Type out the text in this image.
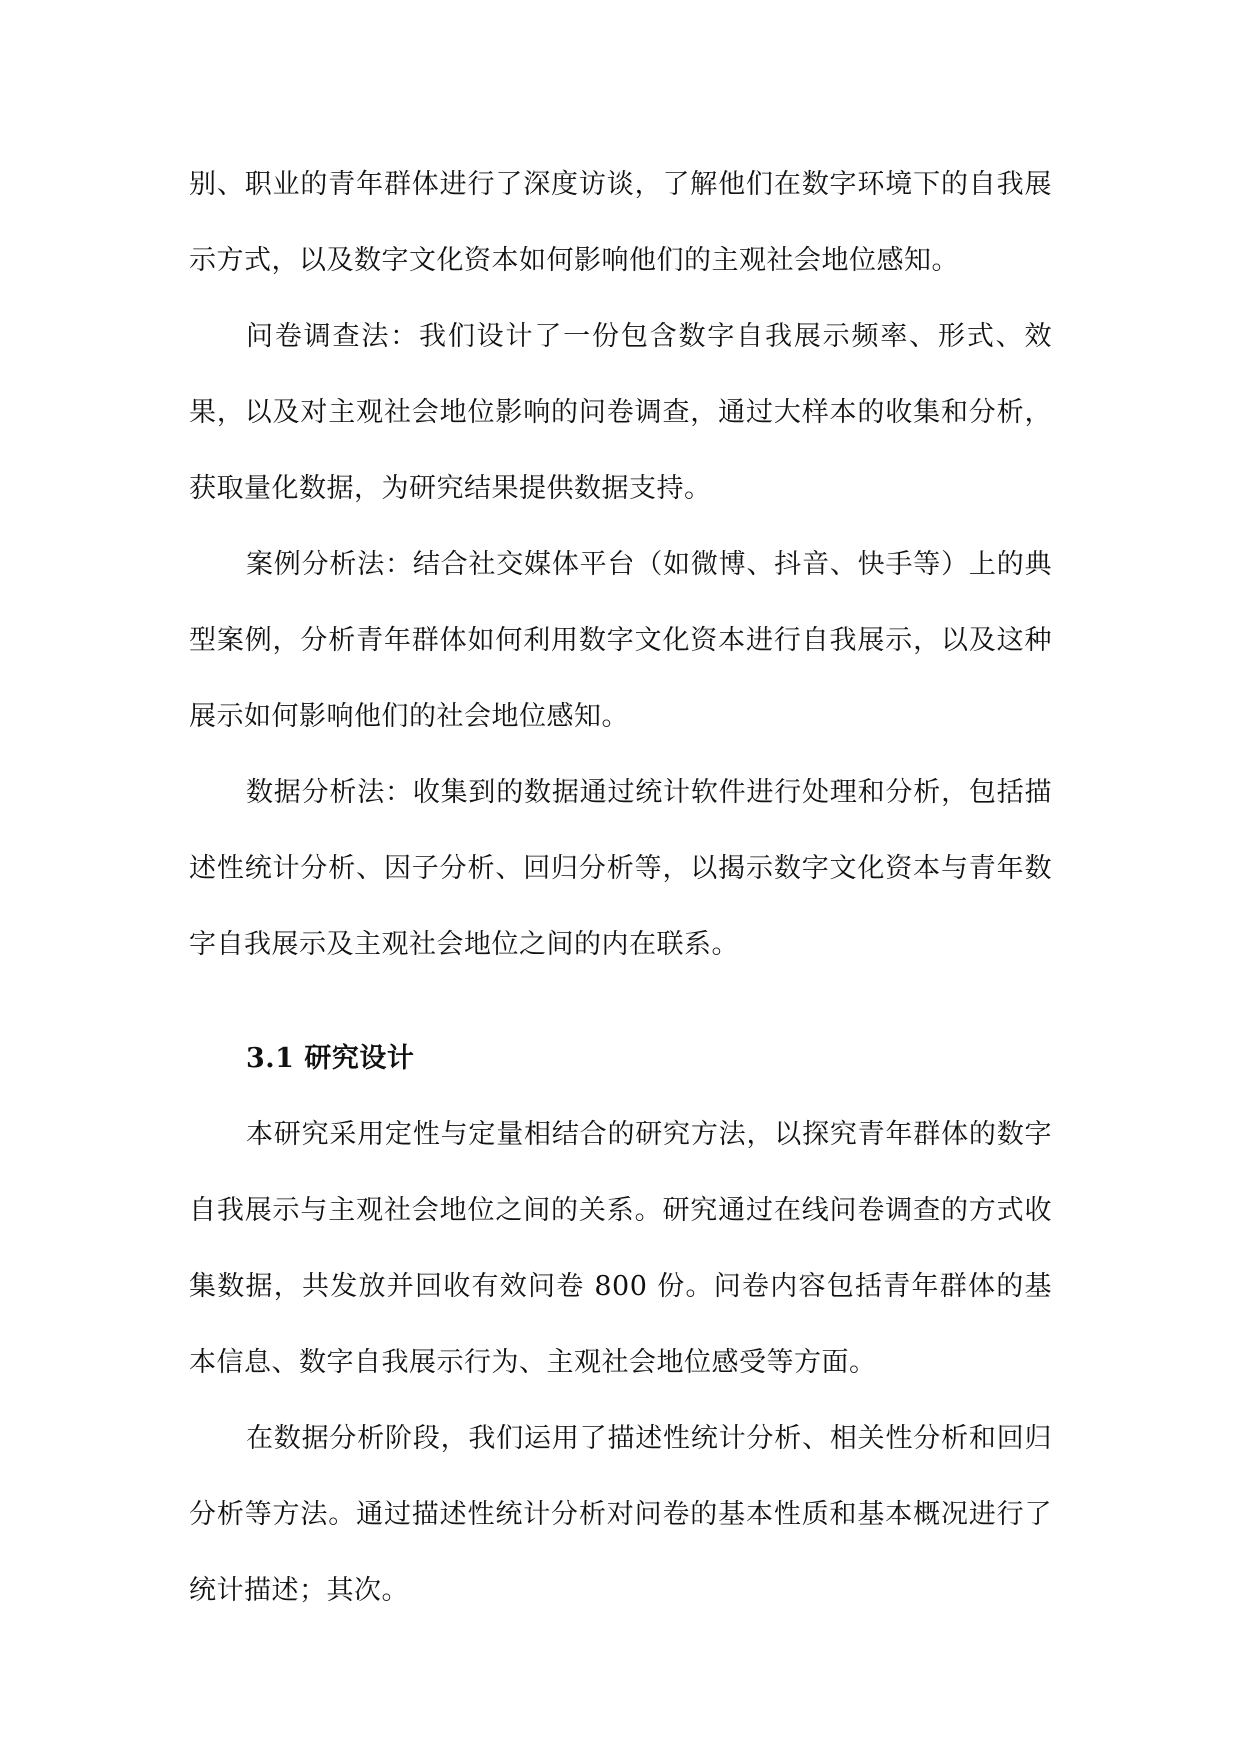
别、职业的青年群体进行了深度访谈，了解他们在数字环境下的自我展示方式，以及数字文化资本如何影响他们的主观社会地位感知。

问卷调查法：我们设计了一份包含数字自我展示频率、形式、效果，以及对主观社会地位影响的问卷调查，通过大样本的收集和分析，获取量化数据，为研究结果提供数据支持。

案例分析法：结合社交媒体平台（如微博、抖音、快手等）上的典型案例，分析青年群体如何利用数字文化资本进行自我展示，以及这种展示如何影响他们的社会地位感知。

数据分析法：收集到的数据通过统计软件进行处理和分析，包括描述性统计分析、因子分析、回归分析等，以揭示数字文化资本与青年数字自我展示及主观社会地位之间的内在联系。

3.1 研究设计

本研究采用定性与定量相结合的研究方法，以探究青年群体的数字自我展示与主观社会地位之间的关系。研究通过在线问卷调查的方式收集数据，共发放并回收有效问卷 800 份。问卷内容包括青年群体的基本信息、数字自我展示行为、主观社会地位感受等方面。

在数据分析阶段，我们运用了描述性统计分析、相关性分析和回归分析等方法。通过描述性统计分析对问卷的基本性质和基本概况进行了统计描述；其次。
